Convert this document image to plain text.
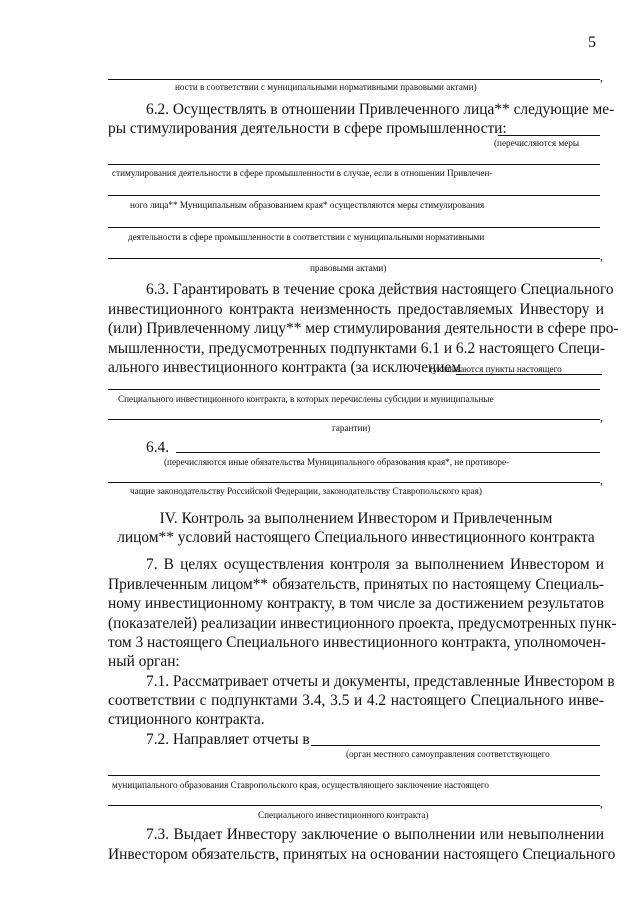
5
,
ности в соответствии с муниципальными нормативными правовыми актами)
6.2. Осуществлять в отношении Привлеченного лица** следующие ме-
ры стимулирования деятельности в сфере промышленности:
(перечисляются меры
стимулирования деятельности в сфере промышленности в случае, если в отношении Привлечен-
ного лица** Муниципальным образованием края* осуществляются меры стимулирования
деятельности в сфере промышленности в соответствии с муниципальными нормативными
,
правовыми актами)
6.3. Гарантировать в течение срока действия настоящего Специального
инвестиционного контракта неизменность предоставляемых Инвестору и
(или) Привлеченному лицу** мер стимулирования деятельности в сфере про-
мышленности, предусмотренных подпунктами 6.1 и 6.2 настоящего Специ-
ального инвестиционного контракта (за исключением
(указываются пункты настоящего
Специального инвестиционного контракта, в которых перечислены субсидии и муниципальные
,
гарантии)
6.4.
(перечисляются иные обязательства Муниципального образования края*, не противоре-
,
чащие законодательству Российской Федерации, законодательству Ставропольского края)
IV. Контроль за выполнением Инвестором и Привлеченным
лицом** условий настоящего Специального инвестиционного контракта
7. В целях осуществления контроля за выполнением Инвестором и
Привлеченным лицом** обязательств, принятых по настоящему Специаль-
ному инвестиционному контракту, в том числе за достижением результатов
(показателей) реализации инвестиционного проекта, предусмотренных пунк-
том 3 настоящего Специального инвестиционного контракта, уполномочен-
ный орган:
7.1. Рассматривает отчеты и документы, представленные Инвестором в
соответствии с подпунктами 3.4, 3.5 и 4.2 настоящего Специального инве-
стиционного контракта.
7.2. Направляет отчеты в
(орган местного самоуправления соответствующего
муниципального образования Ставропольского края, осуществляющего заключение настоящего
,
Специального инвестиционного контракта)
7.3. Выдает Инвестору заключение о выполнении или невыполнении
Инвестором обязательств, принятых на основании настоящего Специального
